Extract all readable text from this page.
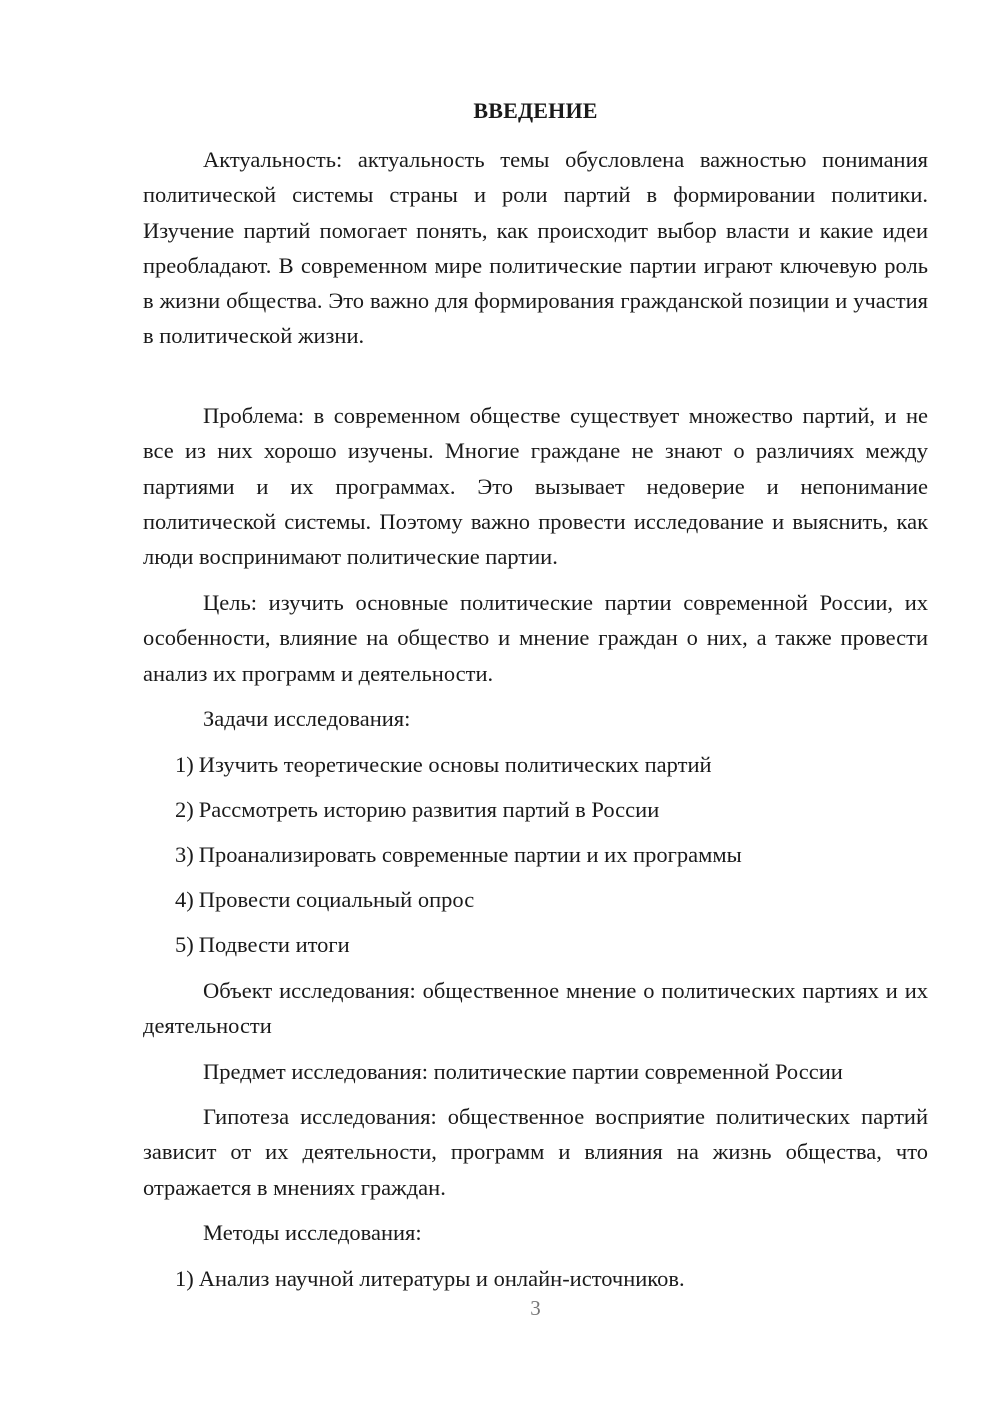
ВВЕДЕНИЕ

Актуальность: актуальность темы обусловлена важностью понимания политической системы страны и роли партий в формировании политики. Изучение партий помогает понять, как происходит выбор власти и какие идеи преобладают. В современном мире политические партии играют ключевую роль в жизни общества. Это важно для формирования гражданской позиции и участия в политической жизни.

Проблема: в современном обществе существует множество партий, и не все из них хорошо изучены. Многие граждане не знают о различиях между партиями и их программах. Это вызывает недоверие и непонимание политической системы. Поэтому важно провести исследование и выяснить, как люди воспринимают политические партии.

Цель: изучить основные политические партии современной России, их особенности, влияние на общество и мнение граждан о них, а также провести анализ их программ и деятельности.

Задачи исследования:

1) Изучить теоретические основы политических партий

2) Рассмотреть историю развития партий в России

3) Проанализировать современные партии и их программы

4) Провести социальный опрос

5) Подвести итоги

Объект исследования: общественное мнение о политических партиях и их деятельности

Предмет исследования: политические партии современной России

Гипотеза исследования: общественное восприятие политических партий зависит от их деятельности, программ и влияния на жизнь общества, что отражается в мнениях граждан.

Методы исследования:

1) Анализ научной литературы и онлайн-источников.

3
